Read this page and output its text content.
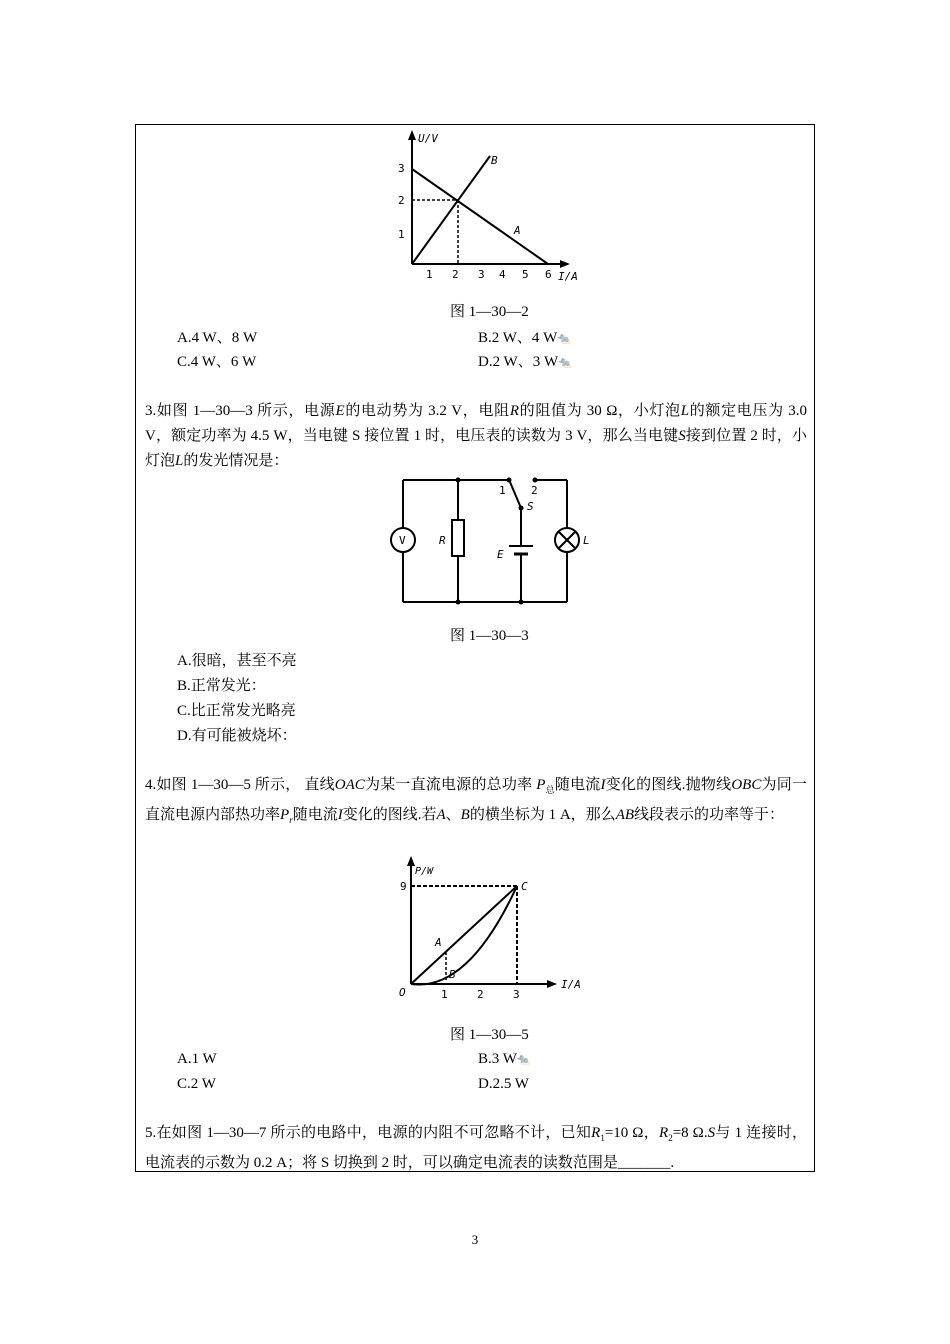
U/V
I/A
1
2
3
1 2 3 4 5 6
A
B
图 1—30—2
A.4 W、8 W	B.2 W、4 W🐀
C.4 W、6 W	D.2 W、3 W🐀
3.如图 1—30—3 所示，电源E的电动势为 3.2 V，电阻R的阻值为 30 Ω，小灯泡L的额定电压为 3.0 V，额定功率为 4.5 W，当电键 S 接位置 1 时，电压表的读数为 3 V，那么当电键S接到位置 2 时，小灯泡L的发光情况是：
V	R
E
L
1 2
S
图 1—30—3
A.很暗，甚至不亮
B.正常发光：
C.比正常发光略亮
D.有可能被烧坏：
4.如图 1—30—5 所示， 直线OAC为某一直流电源的总功率 $P_总$随电流I变化的图线.抛物线OBC为同一直流电源内部热功率$P_r$随电流I变化的图线.若A、B的横坐标为 1 A，那么AB线段表示的功率等于：
P/W
I/A
9
O	1	2	3
A
B
C
图 1—30—5
A.1 W	B.3 W🐀
C.2 W	D.2.5 W
5.在如图 1—30—7 所示的电路中，电源的内阻不可忽略不计，已知$R_1=10$ Ω，$R_2=8$ Ω.S与 1 连接时，电流表的示数为 0.2 A；将 S 切换到 2 时，可以确定电流表的读数范围是_______.
3
